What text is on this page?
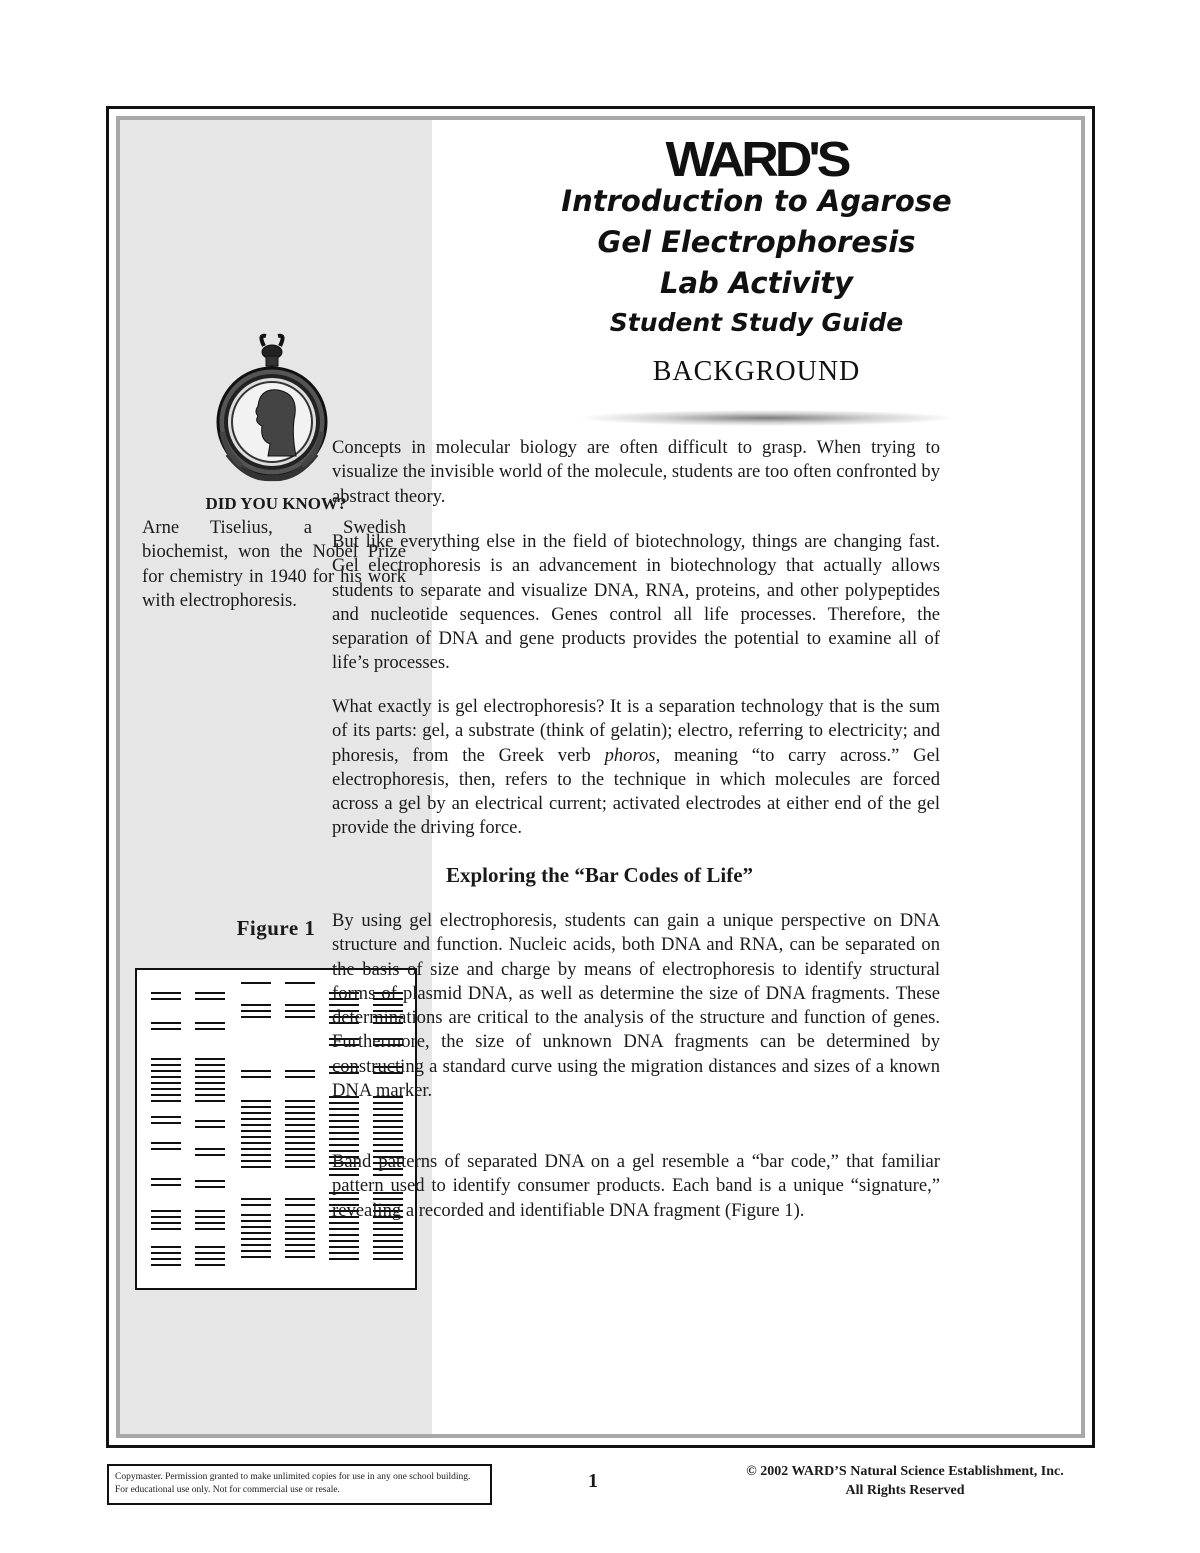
DID YOU KNOW?
Arne Tiselius, a Swedish biochemist, won the Nobel Prize for chemistry in 1940 for his work with electrophoresis.
Figure 1
WARD'S
Introduction to Agarose
Gel Electrophoresis
Lab Activity
Student Study Guide
BACKGROUND
Concepts in molecular biology are often difficult to grasp. When trying to visualize the invisible world of the molecule, students are too often confronted by abstract theory.
But like everything else in the field of biotechnology, things are changing fast. Gel electrophoresis is an advancement in biotechnology that actually allows students to separate and visualize DNA, RNA, proteins, and other polypeptides and nucleotide sequences. Genes control all life processes. Therefore, the separation of DNA and gene products provides the potential to examine all of life’s processes.
What exactly is gel electrophoresis? It is a separation technology that is the sum of its parts: gel, a substrate (think of gelatin); electro, referring to electricity; and phoresis, from the Greek verb phoros, meaning “to carry across.” Gel electrophoresis, then, refers to the technique in which molecules are forced across a gel by an electrical current; activated electrodes at either end of the gel provide the driving force.
Exploring the “Bar Codes of Life”
By using gel electrophoresis, students can gain a unique perspective on DNA structure and function. Nucleic acids, both DNA and RNA, can be separated on the basis of size and charge by means of electrophoresis to identify structural forms of plasmid DNA, as well as determine the size of DNA fragments. These determinations are critical to the analysis of the structure and function of genes. Furthermore, the size of unknown DNA fragments can be determined by constructing a standard curve using the migration distances and sizes of a known DNA marker.
Band patterns of separated DNA on a gel resemble a “bar code,” that familiar pattern used to identify consumer products. Each band is a unique “signature,” revealing a recorded and identifiable DNA fragment (Figure 1).
Copymaster. Permission granted to make unlimited copies for use in any one school building. For educational use only. Not for commercial use or resale.	1	© 2002 WARD’S Natural Science Establishment, Inc.
All Rights Reserved
